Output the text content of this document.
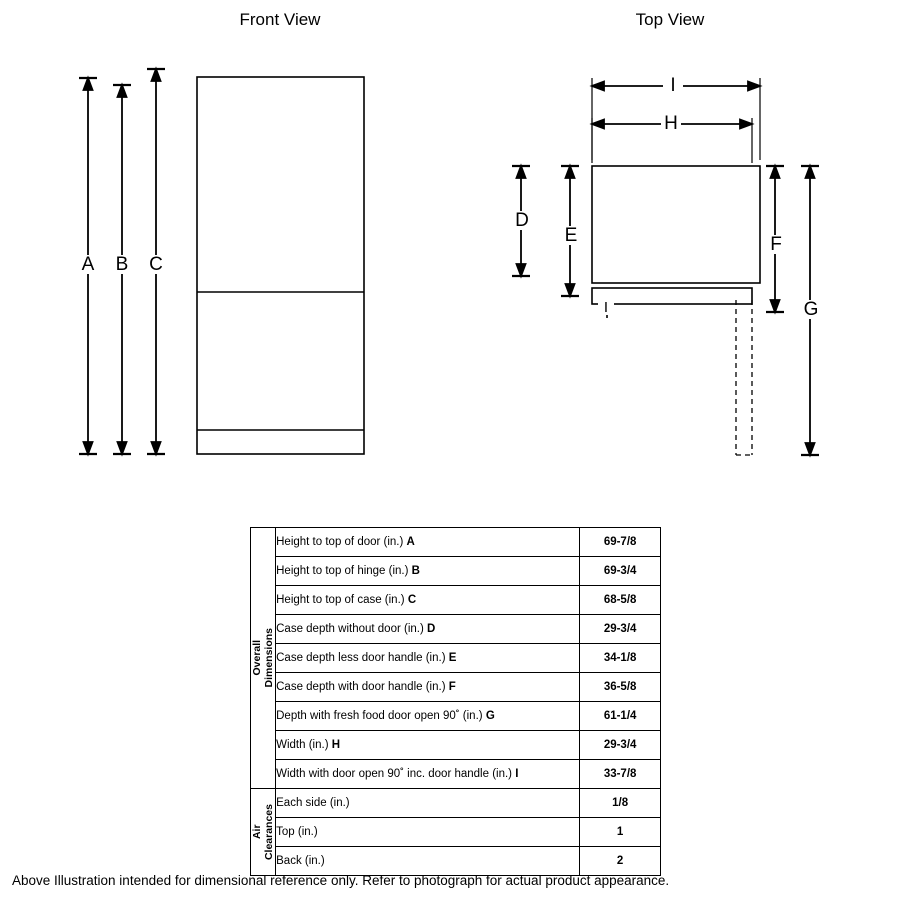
Front View	Top View
A B C
D
E	F
G
I
H
I
Overall
Dimensions	Height to top of door (in.) A	69-7/8
	Height to top of hinge (in.) B	69-3/4
	Height to top of case (in.) C	68-5/8
	Case depth without door (in.) D	29-3/4
	Case depth less door handle (in.) E	34-1/8
	Case depth with door handle (in.) F	36-5/8
	Depth with fresh food door open 90˚ (in.) G	61-1/4
	Width (in.) H	29-3/4
	Width with door open 90˚ inc. door handle (in.) I	33-7/8

Air
Clearances	Each side (in.)	1/8
	Top (in.)	1
	Back (in.)	2
Above Illustration intended for dimensional reference only. Refer to photograph for actual product appearance.
